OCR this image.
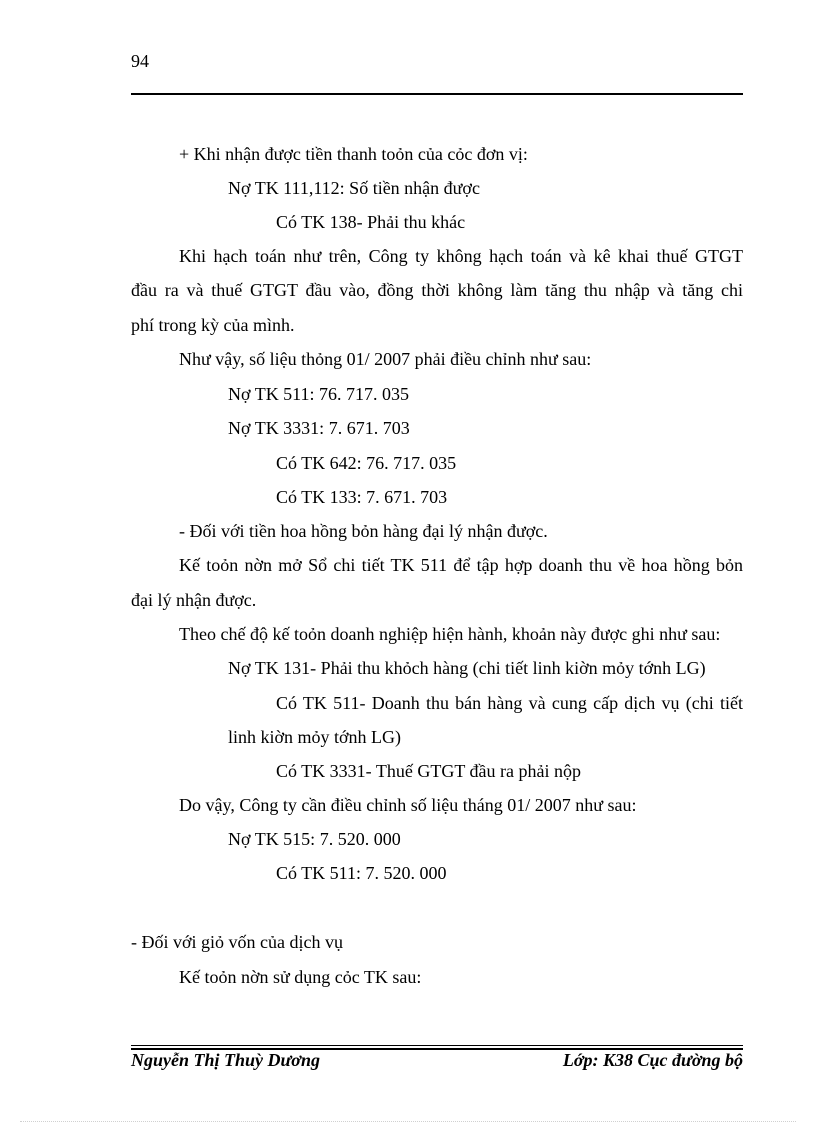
94
+ Khi nhận được tiền thanh toỏn của cỏc đơn vị:
Nợ TK 111,112: Số tiền nhận được
Có TK 138- Phải thu khác
Khi hạch toán như trên, Công ty không hạch toán và kê khai thuế GTGT
đầu ra và thuế GTGT đầu vào, đồng thời không làm tăng thu nhập và tăng chi
phí trong kỳ của mình.
Như vậy, số liệu thỏng 01/ 2007 phải điều chỉnh như sau:
Nợ TK 511: 76. 717. 035
Nợ TK 3331: 7. 671. 703
Có TK 642: 76. 717. 035
Có TK 133: 7. 671. 703
- Đối với tiền hoa hồng bỏn hàng đại lý nhận được.
Kế toỏn nờn mở Sổ chi tiết TK 511 để tập hợp doanh thu về hoa hồng bỏn
đại lý nhận được.
Theo chế độ kế toỏn doanh nghiệp hiện hành, khoản này được ghi như sau:
Nợ TK 131- Phải thu khỏch hàng (chi tiết linh kiờn mỏy tớnh LG)
Có TK 511- Doanh thu bán hàng và cung cấp dịch vụ (chi tiết
linh kiờn mỏy tớnh LG)
Có TK 3331- Thuế GTGT đầu ra phải nộp
Do vậy, Công ty cần điều chỉnh số liệu tháng 01/ 2007 như sau:
Nợ TK 515: 7. 520. 000
Có TK 511: 7. 520. 000
- Đối với giỏ vốn của dịch vụ
Kế toỏn nờn sử dụng cỏc TK sau:
Nguyễn Thị Thuỳ Dương	Lớp: K38 Cục đường bộ
